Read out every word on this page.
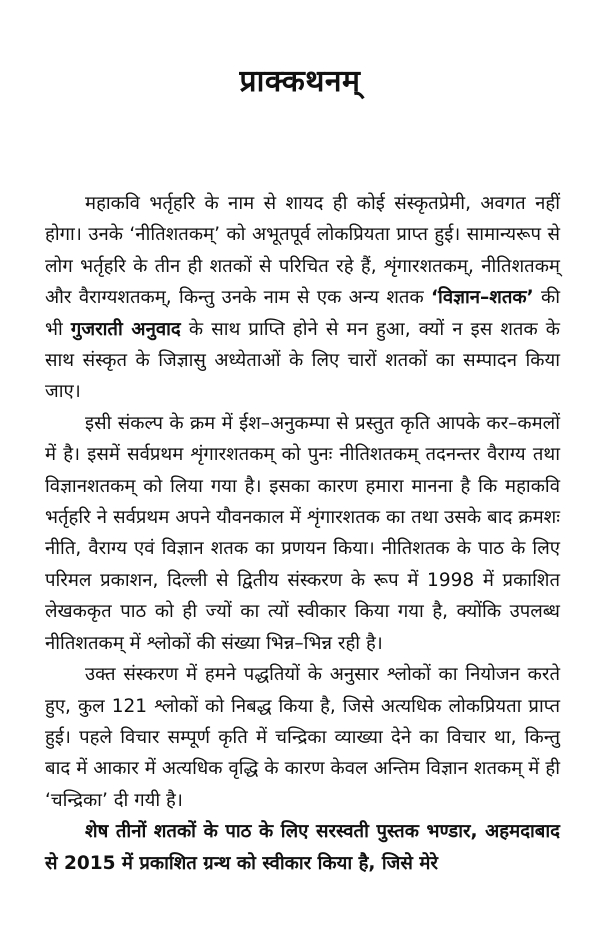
प्राक्कथनम्

महाकवि भर्तृहरि के नाम से शायद ही कोई संस्कृतप्रेमी, अवगत नहीं होगा। उनके ‘नीतिशतकम्’ को अभूतपूर्व लोकप्रियता प्राप्त हुई। सामान्यरूप से लोग भर्तृहरि के तीन ही शतकों से परिचित रहे हैं, शृंगारशतकम्, नीतिशतकम् और वैराग्यशतकम्, किन्तु उनके नाम से एक अन्य शतक ‘विज्ञान–शतक’ की भी गुजराती अनुवाद के साथ प्राप्ति होने से मन हुआ, क्यों न इस शतक के साथ संस्कृत के जिज्ञासु अध्येताओं के लिए चारों शतकों का सम्पादन किया जाए।

इसी संकल्प के क्रम में ईश–अनुकम्पा से प्रस्तुत कृति आपके कर–कमलों में है। इसमें सर्वप्रथम शृंगारशतकम् को पुनः नीतिशतकम् तदनन्तर वैराग्य तथा विज्ञानशतकम् को लिया गया है। इसका कारण हमारा मानना है कि महाकवि भर्तृहरि ने सर्वप्रथम अपने यौवनकाल में शृंगारशतक का तथा उसके बाद क्रमशः नीति, वैराग्य एवं विज्ञान शतक का प्रणयन किया। नीतिशतक के पाठ के लिए परिमल प्रकाशन, दिल्ली से द्वितीय संस्करण के रूप में 1998 में प्रकाशित लेखककृत पाठ को ही ज्यों का त्यों स्वीकार किया गया है, क्योंकि उपलब्ध नीतिशतकम् में श्लोकों की संख्या भिन्न–भिन्न रही है।

उक्त संस्करण में हमने पद्धतियों के अनुसार श्लोकों का नियोजन करते हुए, कुल 121 श्लोकों को निबद्ध किया है, जिसे अत्यधिक लोकप्रियता प्राप्त हुई। पहले विचार सम्पूर्ण कृति में चन्द्रिका व्याख्या देने का विचार था, किन्तु बाद में आकार में अत्यधिक वृद्धि के कारण केवल अन्तिम विज्ञान शतकम् में ही ‘चन्द्रिका’ दी गयी है।

शेष तीनों शतकों के पाठ के लिए सरस्वती पुस्तक भण्डार, अहमदाबाद से 2015 में प्रकाशित ग्रन्थ को स्वीकार किया है, जिसे मेरे
